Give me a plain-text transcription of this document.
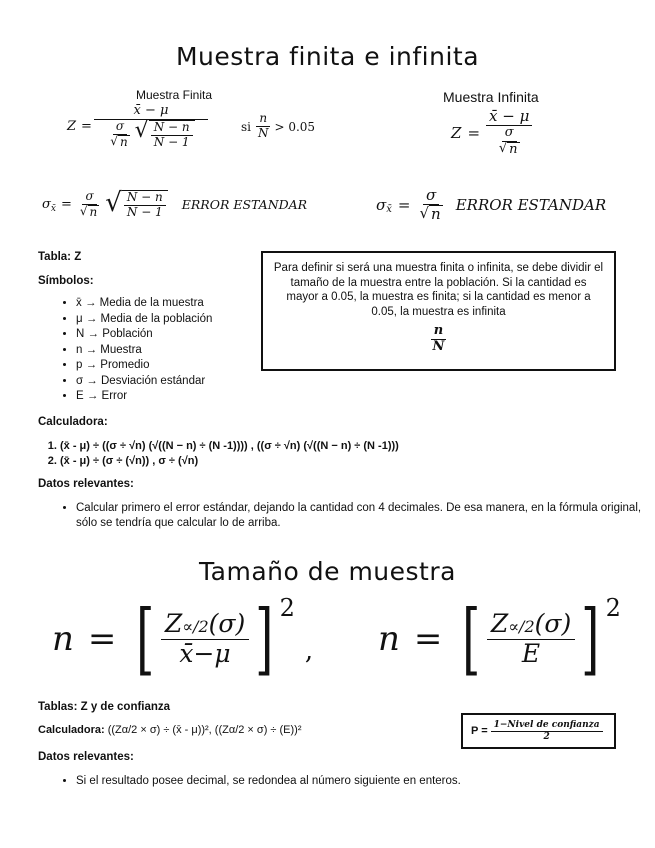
Muestra finita e infinita
Muestra Finita	Muestra Infinita
$Z = \frac{x̄ - \mu}{\frac{\sigma}{√ n} √ \frac{N - n}{N - 1}}$	si $\frac{n}{N} > 0.05$	$Z = \frac{x̄ - \mu}{\frac{\sigma}{√ n}}$
σ x̄ = $\frac{\sigma}{√ n}$ √ $\frac{N - n}{N - 1}$ ERROR ESTANDAR	σ x̄ = $\frac{\sigma}{√ n}$ ERROR ESTANDAR
Tabla: Z
Símbolos:
• x̄ → Media de la muestra
• μ → Media de la población
• N → Población
• n → Muestra
• p → Promedio
• σ → Desviación estándar
• E → Error
Para definir si será una muestra finita o infinita, se debe dividir el tamaño de la muestra entre la población. Si la cantidad es mayor a 0.05, la muestra es finita; si la cantidad es menor a 0.05, la muestra es infinita
$\frac{n}{N}$
Calculadora:
1. (x̄ - μ) ÷ ((σ ÷ √n) (√((N − n) ÷ (N -1)))) , ((σ ÷ √n) (√((N − n) ÷ (N -1)))
2. (x̄ - μ) ÷ (σ ÷ (√n)) , σ ÷ (√n)
Datos relevantes:
• Calcular primero el error estándar, dejando la cantidad con 4 decimales. De esa manera, en la fórmula original, sólo se tendría que calcular lo de arriba.
Tamaño de muestra
n = [ $\frac{Z\propto/2(\sigma)}{x̄-\mu}$ ] 2
, n = [ $\frac{Z\propto/2(\sigma)}{E}$ ] 2
Tablas: Z y de confianza
Calculadora: ((Zα/2 × σ) ÷ (x̄ - μ))², ((Zα/2 × σ) ÷ (E))²	$P = \frac{\text{1−Nivel de confianza}}{2}$
Datos relevantes:
• Si el resultado posee decimal, se redondea al número siguiente en enteros.
